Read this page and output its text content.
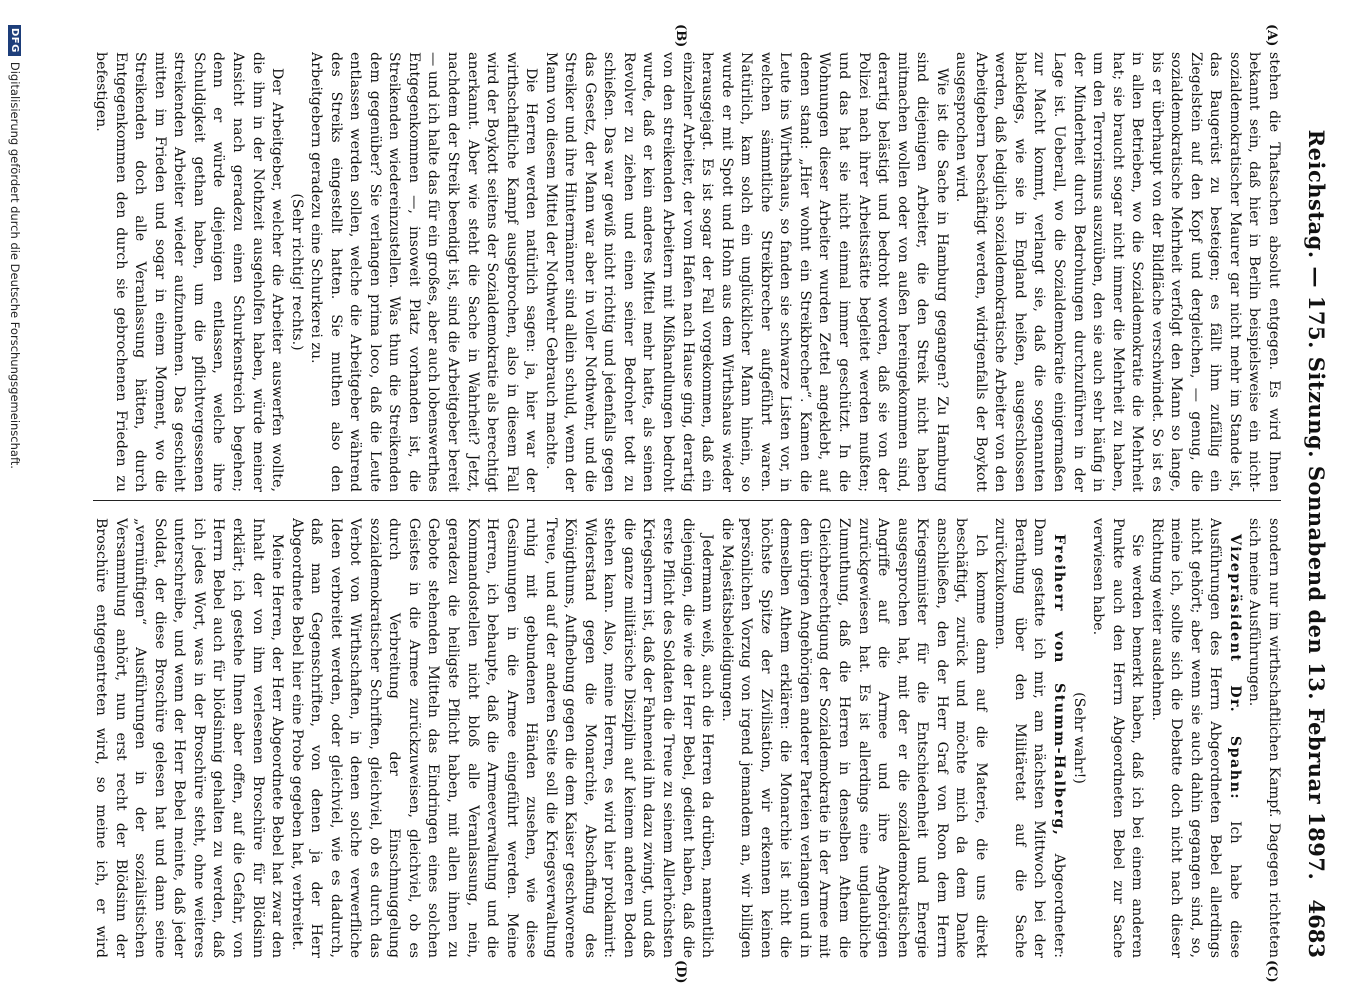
Reichstag. — 175. Sitzung. Sonnabend den 13. Februar 1897.
4683
(A)
(B)
(C)
(D)

stehen die Thatsachen absolut entgegen. Es wird Ihnen bekannt sein, daß hier in Berlin beispielsweise ein nicht-sozialdemokratischer Maurer gar nicht mehr im Stande ist, das Baugerüst zu besteigen; es fällt ihm zufällig ein Ziegelstein auf den Kopf und dergleichen, — genug, die sozialdemokratische Mehrheit verfolgt den Mann so lange, bis er überhaupt von der Bildfläche verschwindet. So ist es in allen Betrieben, wo die Sozialdemokratie die Mehrheit hat; sie braucht sogar nicht immer die Mehrheit zu haben, um den Terrorismus auszuüben, den sie auch sehr häufig in der Minderheit durch Bedrohungen durchzuführen in der Lage ist. Ueberall, wo die Sozialdemokratie einigermaßen zur Macht kommt, verlangt sie, daß die sogenannten blacklegs, wie sie in England heißen, ausgeschlossen werden, daß lediglich sozialdemokratische Arbeiter von den Arbeitgebern beschäftigt werden, widrigenfalls der Boykott ausgesprochen wird.

Wie ist die Sache in Hamburg gegangen? Zu Hamburg sind diejenigen Arbeiter, die den Streik nicht haben mitmachen wollen oder von außen hereingekommen sind, derartig belästigt und bedroht worden, daß sie von der Polizei nach ihrer Arbeitsstätte begleitet werden mußten; und das hat sie nicht einmal immer geschützt. In die Wohnungen dieser Arbeiter wurden Zettel angeklebt, auf denen stand: „Hier wohnt ein Streikbrecher“. Kamen die Leute ins Wirthshaus, so fanden sie schwarze Listen vor, in welchen sämmtliche Streikbrecher aufgeführt waren. Natürlich, kam solch ein unglücklicher Mann hinein, so wurde er mit Spott und Hohn aus dem Wirthshaus wieder herausgejagt. Es ist sogar der Fall vorgekommen, daß ein einzelner Arbeiter, der vom Hafen nach Hause ging, derartig von den streikenden Arbeitern mit Mißhandlungen bedroht wurde, daß er kein anderes Mittel mehr hatte, als seinen Revolver zu ziehen und einen seiner Bedroher todt zu schießen. Das war gewiß nicht richtig und jedenfalls gegen das Gesetz, der Mann war aber in voller Nothwehr, und die Streiker und ihre Hintermänner sind allein schuld, wenn der Mann von diesem Mittel der Nothwehr Gebrauch machte.

Die Herren werden natürlich sagen: ja, hier war der wirthschaftliche Kampf ausgebrochen, also in diesem Fall wird der Boykott seitens der Sozialdemokratie als berechtigt anerkannt. Aber wie steht die Sache in Wahrheit? Jetzt, nachdem der Streik beendigt ist, sind die Arbeitgeber bereit — und ich halte das für ein großes, aber auch lobenswerthes Entgegenkommen —, insoweit Platz vorhanden ist, die Streikenden wiedereinzustellen. Was thun die Streikenden dem gegenüber? Sie verlangen prima loco, daß die Leute entlassen werden sollen, welche die Arbeitgeber während des Streiks eingestellt hatten. Sie muthen also den Arbeitgebern geradezu eine Schurkerei zu.

(Sehr richtig! rechts.)

Der Arbeitgeber, welcher die Arbeiter auswerfen wollte, die ihm in der Nothzeit ausgeholfen haben, würde meiner Ansicht nach geradezu einen Schurkenstreich begehen; denn er würde diejenigen entlassen, welche ihre Schuldigkeit gethan haben, um die pflichtvergessenen streikenden Arbeiter wieder aufzunehmen. Das geschieht mitten im Frieden und sogar in einem Moment, wo die Streikenden doch alle Veranlassung hätten, durch Entgegenkommen den durch sie gebrochenen Frieden zu befestigen.

sondern nur im wirthschaftlichen Kampf. Dagegen richteten sich meine Ausführungen.

Vizepräsident Dr. Spahn: Ich habe diese Ausführungen des Herrn Abgeordneten Bebel allerdings nicht gehört; aber wenn sie auch dahin gegangen sind, so, meine ich, sollte sich die Debatte doch nicht nach dieser Richtung weiter ausdehnen.

Sie werden bemerkt haben, daß ich bei einem anderen Punkte auch den Herrn Abgeordneten Bebel zur Sache verwiesen habe.

(Sehr wahr!)

Freiherr von Stumm-Halberg, Abgeordneter: Dann gestatte ich mir, am nächsten Mittwoch bei der Berathung über den Militäretat auf die Sache zurückzukommen.

Ich komme dann auf die Materie, die uns direkt beschäftigt, zurück und möchte mich da dem Danke anschließen, den der Herr Graf von Roon dem Herrn Kriegsminister für die Entschiedenheit und Energie ausgesprochen hat, mit der er die sozialdemokratischen Angriffe auf die Armee und ihre Angehörigen zurückgewiesen hat. Es ist allerdings eine unglaubliche Zumuthung, daß die Herren in denselben Athem die Gleichberechtigung der Sozialdemokratie in der Armee mit den übrigen Angehörigen anderer Parteien verlangen und in demselben Athem erklären: die Monarchie ist nicht die höchste Spitze der Zivilisation, wir erkennen keinen persönlichen Vorzug von irgend jemandem an, wir billigen die Majestätsbeleidigungen.

Jedermann weiß, auch die Herren da drüben, namentlich diejenigen, die wie der Herr Bebel, gedient haben, daß die erste Pflicht des Soldaten die Treue zu seinem Allerhöchsten Kriegsherrn ist, daß der Fahneneid ihn dazu zwingt, und daß die ganze militärische Disziplin auf keinem anderen Boden stehen kann. Also, meine Herren, es wird hier proklamirt: Widerstand gegen die Monarchie, Abschaffung des Königthums, Aufhebung gegen die dem Kaiser geschworene Treue, und auf der anderen Seite soll die Kriegsverwaltung ruhig mit gebundenen Händen zusehen, wie diese Gesinnungen in die Armee eingeführt werden. Meine Herren, ich behaupte, daß die Armeeverwaltung und die Kommandostellen nicht bloß alle Veranlassung, nein, geradezu die heiligste Pflicht haben, mit allen ihnen zu Gebote stehenden Mitteln das Eindringen eines solchen Geistes in die Armee zurückzuweisen, gleichviel, ob es durch Verbreitung der Einschmuggelung sozialdemokratischer Schriften, gleichviel, ob es durch das Verbot von Wirthschaften, in denen solche verwerfliche Ideen verbreitet werden, oder gleichviel, wie es dadurch, daß man Gegenschriften, von denen ja der Herr Abgeordnete Bebel hier eine Probe gegeben hat, verbreitet.

Meine Herren, der Herr Abgeordnete Bebel hat zwar den Inhalt der von ihm verlesenen Broschüre für Blödsinn erklärt; ich gestehe Ihnen aber offen, auf die Gefahr, von Herrn Bebel auch für blödsinnig gehalten zu werden, daß ich jedes Wort, was in der Broschüre steht, ohne weiteres unterschreibe, und wenn der Herr Bebel meinte, daß jeder Soldat, der diese Broschüre gelesen hat und dann seine „vernünftigen“ Ausführungen in der sozialistischen Versammlung anhört, nun erst recht der Blödsinn der Broschüre entgegentreten wird, so meine ich, er wird

DFG
Digitalisierung gefördert durch die Deutsche Forschungsgemeinschaft.
